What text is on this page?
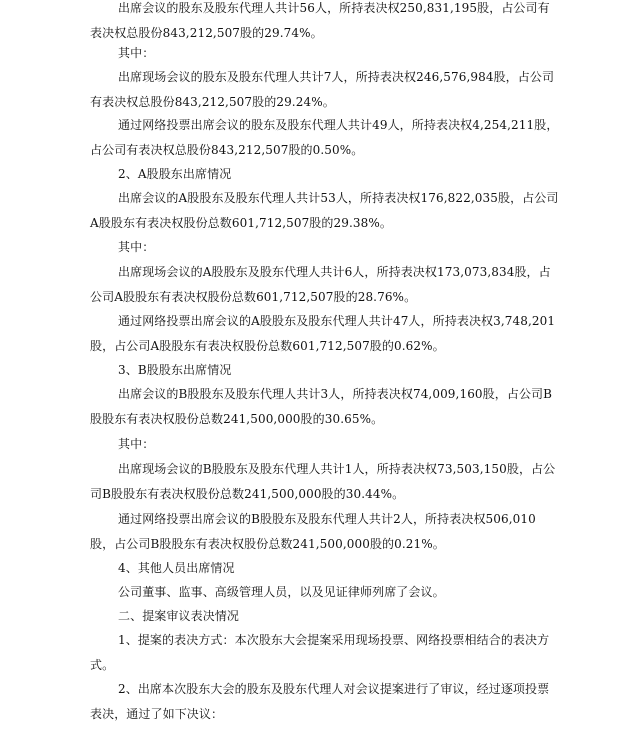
出席会议的股东及股东代理人共计56人，所持表决权250,831,195股，占公司有表决权总股份843,212,507股的29.74%。

其中：

出席现场会议的股东及股东代理人共计7人，所持表决权246,576,984股，占公司有表决权总股份843,212,507股的29.24%。

通过网络投票出席会议的股东及股东代理人共计49人，所持表决权4,254,211股，占公司有表决权总股份843,212,507股的0.50%。

2、A股股东出席情况

出席会议的A股股东及股东代理人共计53人，所持表决权176,822,035股，占公司A股股东有表决权股份总数601,712,507股的29.38%。

其中：

出席现场会议的A股股东及股东代理人共计6人，所持表决权173,073,834股，占公司A股股东有表决权股份总数601,712,507股的28.76%。

通过网络投票出席会议的A股股东及股东代理人共计47人，所持表决权3,748,201股，占公司A股股东有表决权股份总数601,712,507股的0.62%。

3、B股股东出席情况

出席会议的B股股东及股东代理人共计3人，所持表决权74,009,160股，占公司B股股东有表决权股份总数241,500,000股的30.65%。

其中：

出席现场会议的B股股东及股东代理人共计1人，所持表决权73,503,150股，占公司B股股东有表决权股份总数241,500,000股的30.44%。

通过网络投票出席会议的B股股东及股东代理人共计2人，所持表决权506,010股，占公司B股股东有表决权股份总数241,500,000股的0.21%。

4、其他人员出席情况

公司董事、监事、高级管理人员，以及见证律师列席了会议。

二、提案审议表决情况

1、提案的表决方式：本次股东大会提案采用现场投票、网络投票相结合的表决方式。

2、出席本次股东大会的股东及股东代理人对会议提案进行了审议，经过逐项投票表决，通过了如下决议：
